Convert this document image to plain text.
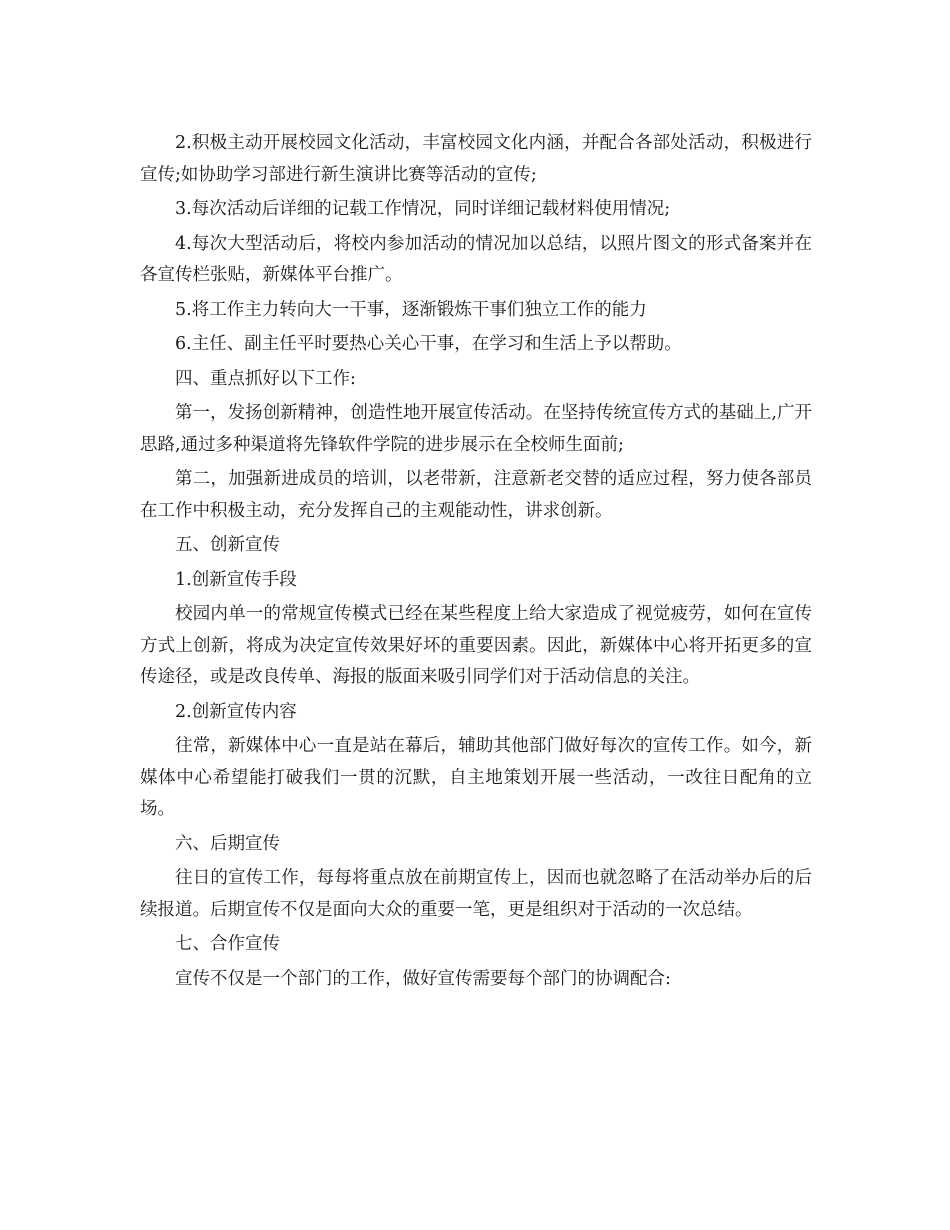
2.积极主动开展校园文化活动，丰富校园文化内涵，并配合各部处活动，积极进行宣传;如协助学习部进行新生演讲比赛等活动的宣传;

3.每次活动后详细的记载工作情况，同时详细记载材料使用情况;

4.每次大型活动后，将校内参加活动的情况加以总结，以照片图文的形式备案并在各宣传栏张贴，新媒体平台推广。

5.将工作主力转向大一干事，逐渐锻炼干事们独立工作的能力

6.主任、副主任平时要热心关心干事，在学习和生活上予以帮助。

四、重点抓好以下工作:

第一，发扬创新精神，创造性地开展宣传活动。在坚持传统宣传方式的基础上,广开思路,通过多种渠道将先锋软件学院的进步展示在全校师生面前;

第二，加强新进成员的培训，以老带新，注意新老交替的适应过程，努力使各部员在工作中积极主动，充分发挥自己的主观能动性，讲求创新。

五、创新宣传

1.创新宣传手段

校园内单一的常规宣传模式已经在某些程度上给大家造成了视觉疲劳，如何在宣传方式上创新，将成为决定宣传效果好坏的重要因素。因此，新媒体中心将开拓更多的宣传途径，或是改良传单、海报的版面来吸引同学们对于活动信息的关注。

2.创新宣传内容

往常，新媒体中心一直是站在幕后，辅助其他部门做好每次的宣传工作。如今，新媒体中心希望能打破我们一贯的沉默，自主地策划开展一些活动，一改往日配角的立场。

六、后期宣传

往日的宣传工作，每每将重点放在前期宣传上，因而也就忽略了在活动举办后的后续报道。后期宣传不仅是面向大众的重要一笔，更是组织对于活动的一次总结。

七、合作宣传

宣传不仅是一个部门的工作，做好宣传需要每个部门的协调配合:
